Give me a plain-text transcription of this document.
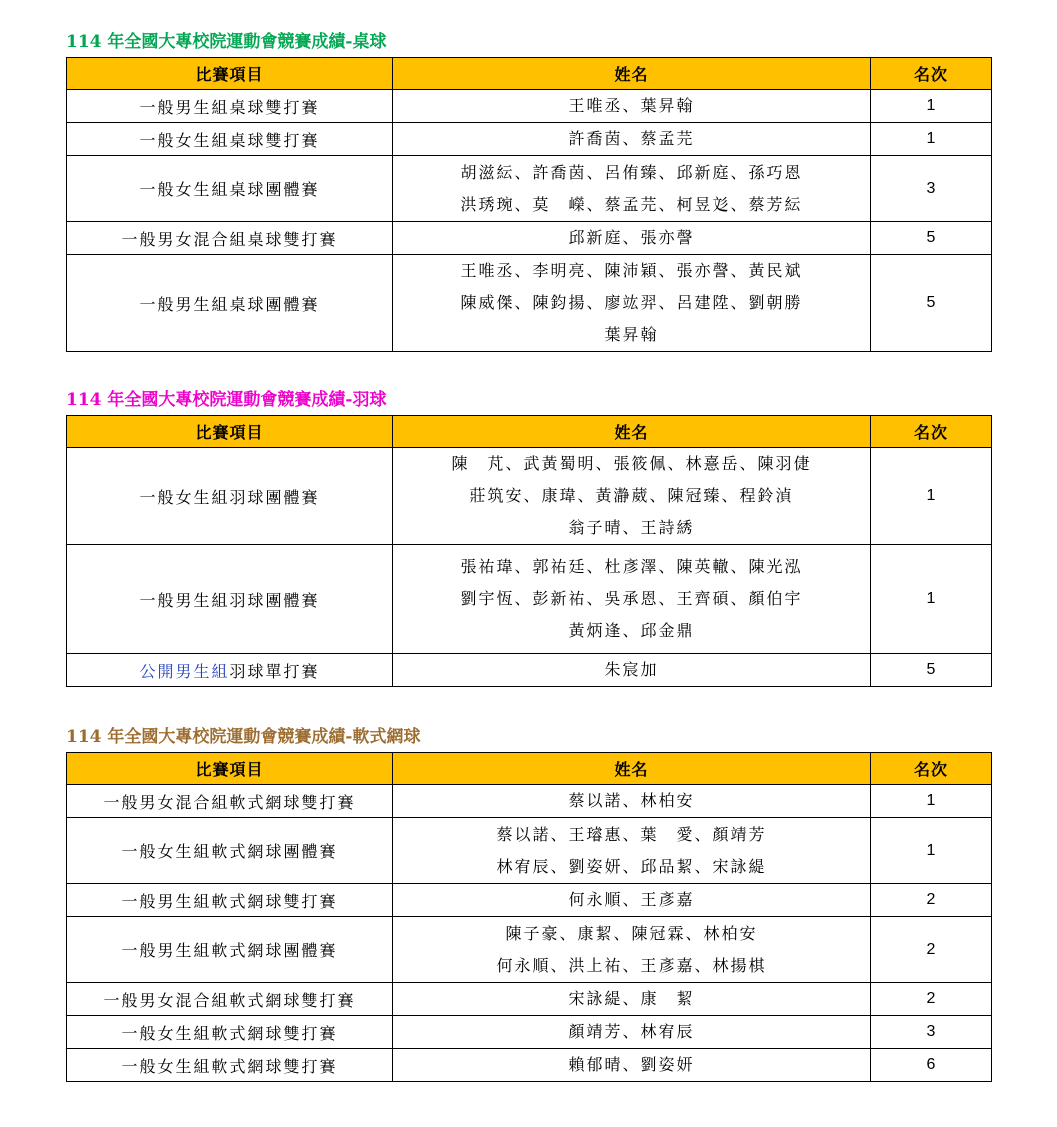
114 年全國大專校院運動會競賽成績-桌球
比賽項目	姓名	名次
一般男生組桌球雙打賽	王唯丞、葉昇翰	1
一般女生組桌球雙打賽	許喬茵、蔡孟芫	1
一般女生組桌球團體賽	胡滋紜、許喬茵、呂侑臻、邱新庭、孫巧恩
洪琇琬、莫　嶸、蔡孟芫、柯昱彣、蔡芳紜	3
一般男女混合組桌球雙打賽	邱新庭、張亦謦	5
一般男生組桌球團體賽	王唯丞、李明亮、陳沛穎、張亦謦、黃民斌
陳威傑、陳鈞揚、廖竑羿、呂建陞、劉朝勝
葉昇翰	5
114 年全國大專校院運動會競賽成績-羽球
比賽項目	姓名	名次
一般女生組羽球團體賽	陳　芃、武黃蜀明、張筱佩、林憙岳、陳羽倢
莊筑安、康瑋、黃瀞葳、陳冠臻、程鈴湞
翁子晴、王詩綉	1
一般男生組羽球團體賽	張祐瑋、郭祐廷、杜彥澤、陳英轍、陳光泓
劉宇恆、彭新祐、吳承恩、王齊碩、顏伯宇
黃炳逢、邱金鼎	1
公開男生組羽球單打賽	朱宸加	5
114 年全國大專校院運動會競賽成績-軟式網球
比賽項目	姓名	名次
一般男女混合組軟式網球雙打賽	蔡以諾、林柏安	1
一般女生組軟式網球團體賽	蔡以諾、王璿惠、葉　愛、顏靖芳
林宥辰、劉姿妍、邱品絜、宋詠緹	1
一般男生組軟式網球雙打賽	何永順、王彥嘉	2
一般男生組軟式網球團體賽	陳子豪、康絜、陳冠霖、林柏安
何永順、洪上祐、王彥嘉、林揚棋	2
一般男女混合組軟式網球雙打賽	宋詠緹、康　絜	2
一般女生組軟式網球雙打賽	顏靖芳、林宥辰	3
一般女生組軟式網球雙打賽	賴郁晴、劉姿妍	6
